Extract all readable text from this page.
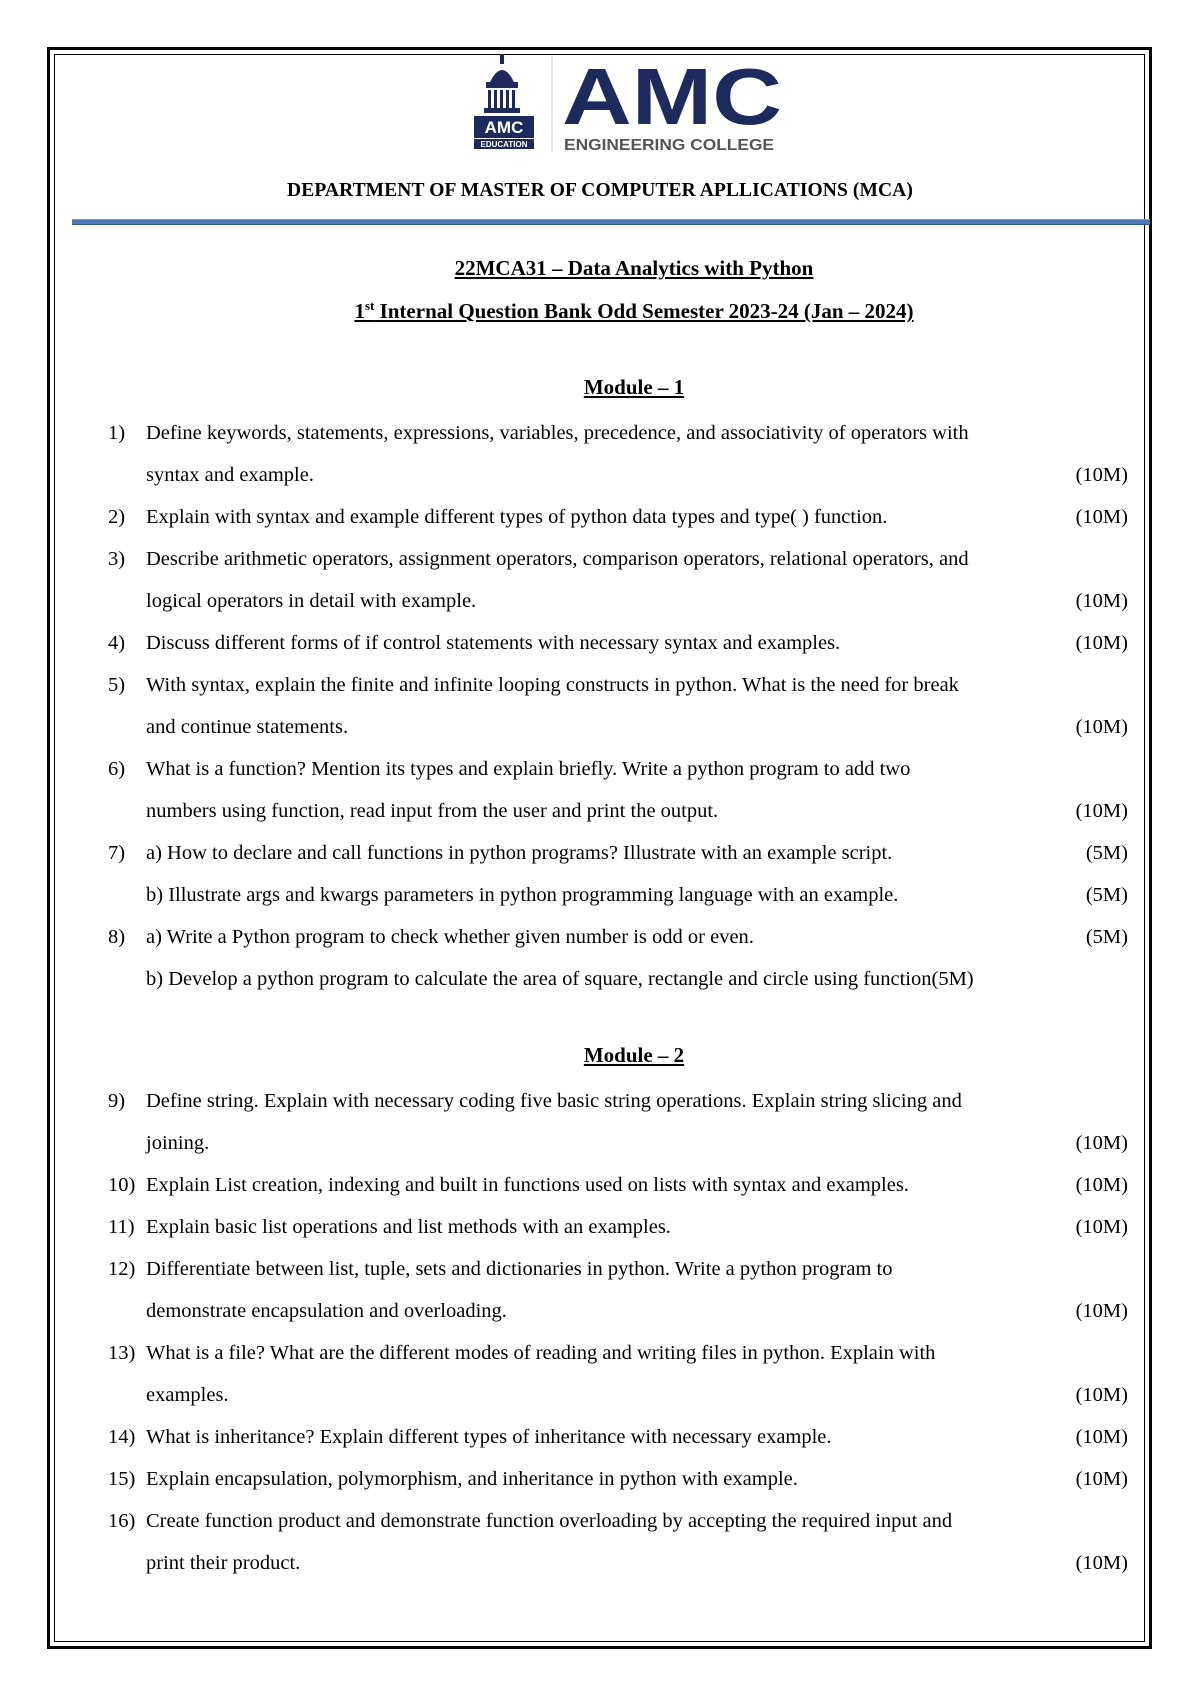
AMC
EDUCATION
AMC
ENGINEERING COLLEGE
DEPARTMENT OF MASTER OF COMPUTER APLLICATIONS (MCA)
22MCA31 – Data Analytics with Python
1st Internal Question Bank Odd Semester 2023-24 (Jan – 2024)
Module – 1
1) Define keywords, statements, expressions, variables, precedence, and associativity of operators with
syntax and example.	(10M)
2) Explain with syntax and example different types of python data types and type( ) function.	(10M)
3) Describe arithmetic operators, assignment operators, comparison operators, relational operators, and
logical operators in detail with example.	(10M)
4) Discuss different forms of if control statements with necessary syntax and examples.	(10M)
5) With syntax, explain the finite and infinite looping constructs in python. What is the need for break
and continue statements.	(10M)
6) What is a function? Mention its types and explain briefly. Write a python program to add two
numbers using function, read input from the user and print the output.	(10M)
7) a) How to declare and call functions in python programs? Illustrate with an example script.	(5M)
b) Illustrate args and kwargs parameters in python programming language with an example.	(5M)
8) a) Write a Python program to check whether given number is odd or even.	(5M)
b) Develop a python program to calculate the area of square, rectangle and circle using function(5M)
Module – 2
9) Define string. Explain with necessary coding five basic string operations. Explain string slicing and
joining.	(10M)
10) Explain List creation, indexing and built in functions used on lists with syntax and examples.	(10M)
11) Explain basic list operations and list methods with an examples.	(10M)
12) Differentiate between list, tuple, sets and dictionaries in python. Write a python program to
demonstrate encapsulation and overloading.	(10M)
13) What is a file? What are the different modes of reading and writing files in python. Explain with
examples.	(10M)
14) What is inheritance? Explain different types of inheritance with necessary example.	(10M)
15) Explain encapsulation, polymorphism, and inheritance in python with example.	(10M)
16) Create function product and demonstrate function overloading by accepting the required input and
print their product.	(10M)
